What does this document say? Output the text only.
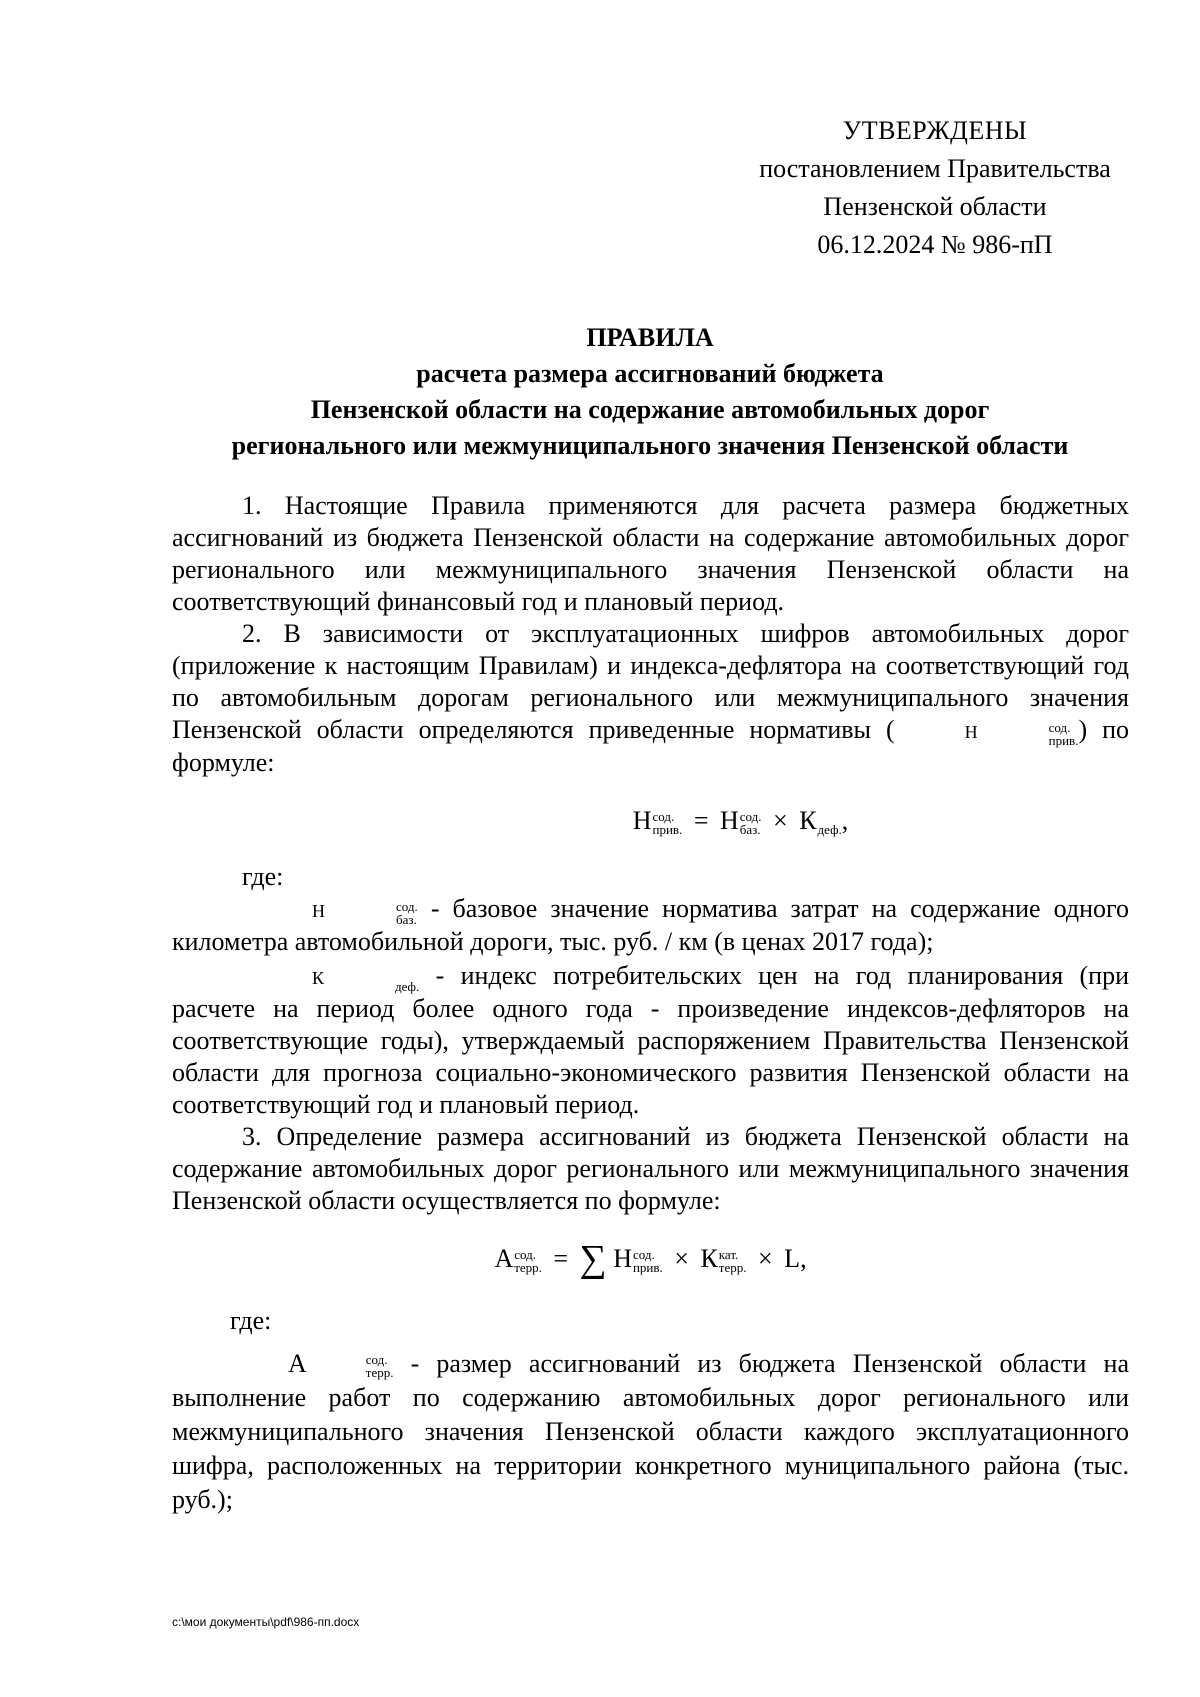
УТВЕРЖДЕНЫ
постановлением Правительства
Пензенской области
06.12.2024 № 986-пП
ПРАВИЛА
расчета размера ассигнований бюджета
Пензенской области на содержание автомобильных дорог
регионального или межмуниципального значения Пензенской области

1. Настоящие Правила применяются для расчета размера бюджетных ассигнований из бюджета Пензенской области на содержание автомобильных дорог регионального или межмуниципального значения Пензенской области на соответствующий финансовый год и плановый период.

2. В зависимости от эксплуатационных шифров автомобильных дорог (приложение к настоящим Правилам) и индекса-дефлятора на соответствующий год по автомобильным дорогам регионального или межмуниципального значения Пензенской области определяются приведенные нормативы (	Н	сод.
прив. ) по формуле:

Н сод.
прив. = Н сод.
баз. × К
деф. ,
где:

Н	сод.
баз. - базовое значение норматива затрат на содержание одного километра автомобильной дороги, тыс. руб. / км (в ценах 2017 года);

К
	деф. - индекс потребительских цен на год планирования (при расчете на период более одного года - произведение индексов-дефляторов на соответствующие годы), утверждаемый распоряжением Правительства Пензенской области для прогноза социально-экономического развития Пензенской области на соответствующий год и плановый период.

3. Определение размера ассигнований из бюджета Пензенской области на содержание автомобильных дорог регионального или межмуниципального значения Пензенской области осуществляется по формуле:

А сод.
терр. = ∑ Н сод.
прив. × К кат.
терр. × L,
где:

А	сод.
терр. - размер ассигнований из бюджета Пензенской области на выполнение работ по содержанию автомобильных дорог регионального или межмуниципального значения Пензенской области каждого эксплуатационного шифра, расположенных на территории конкретного муниципального района (тыс. руб.);

c:\мои документы\pdf\986-пп.docx
